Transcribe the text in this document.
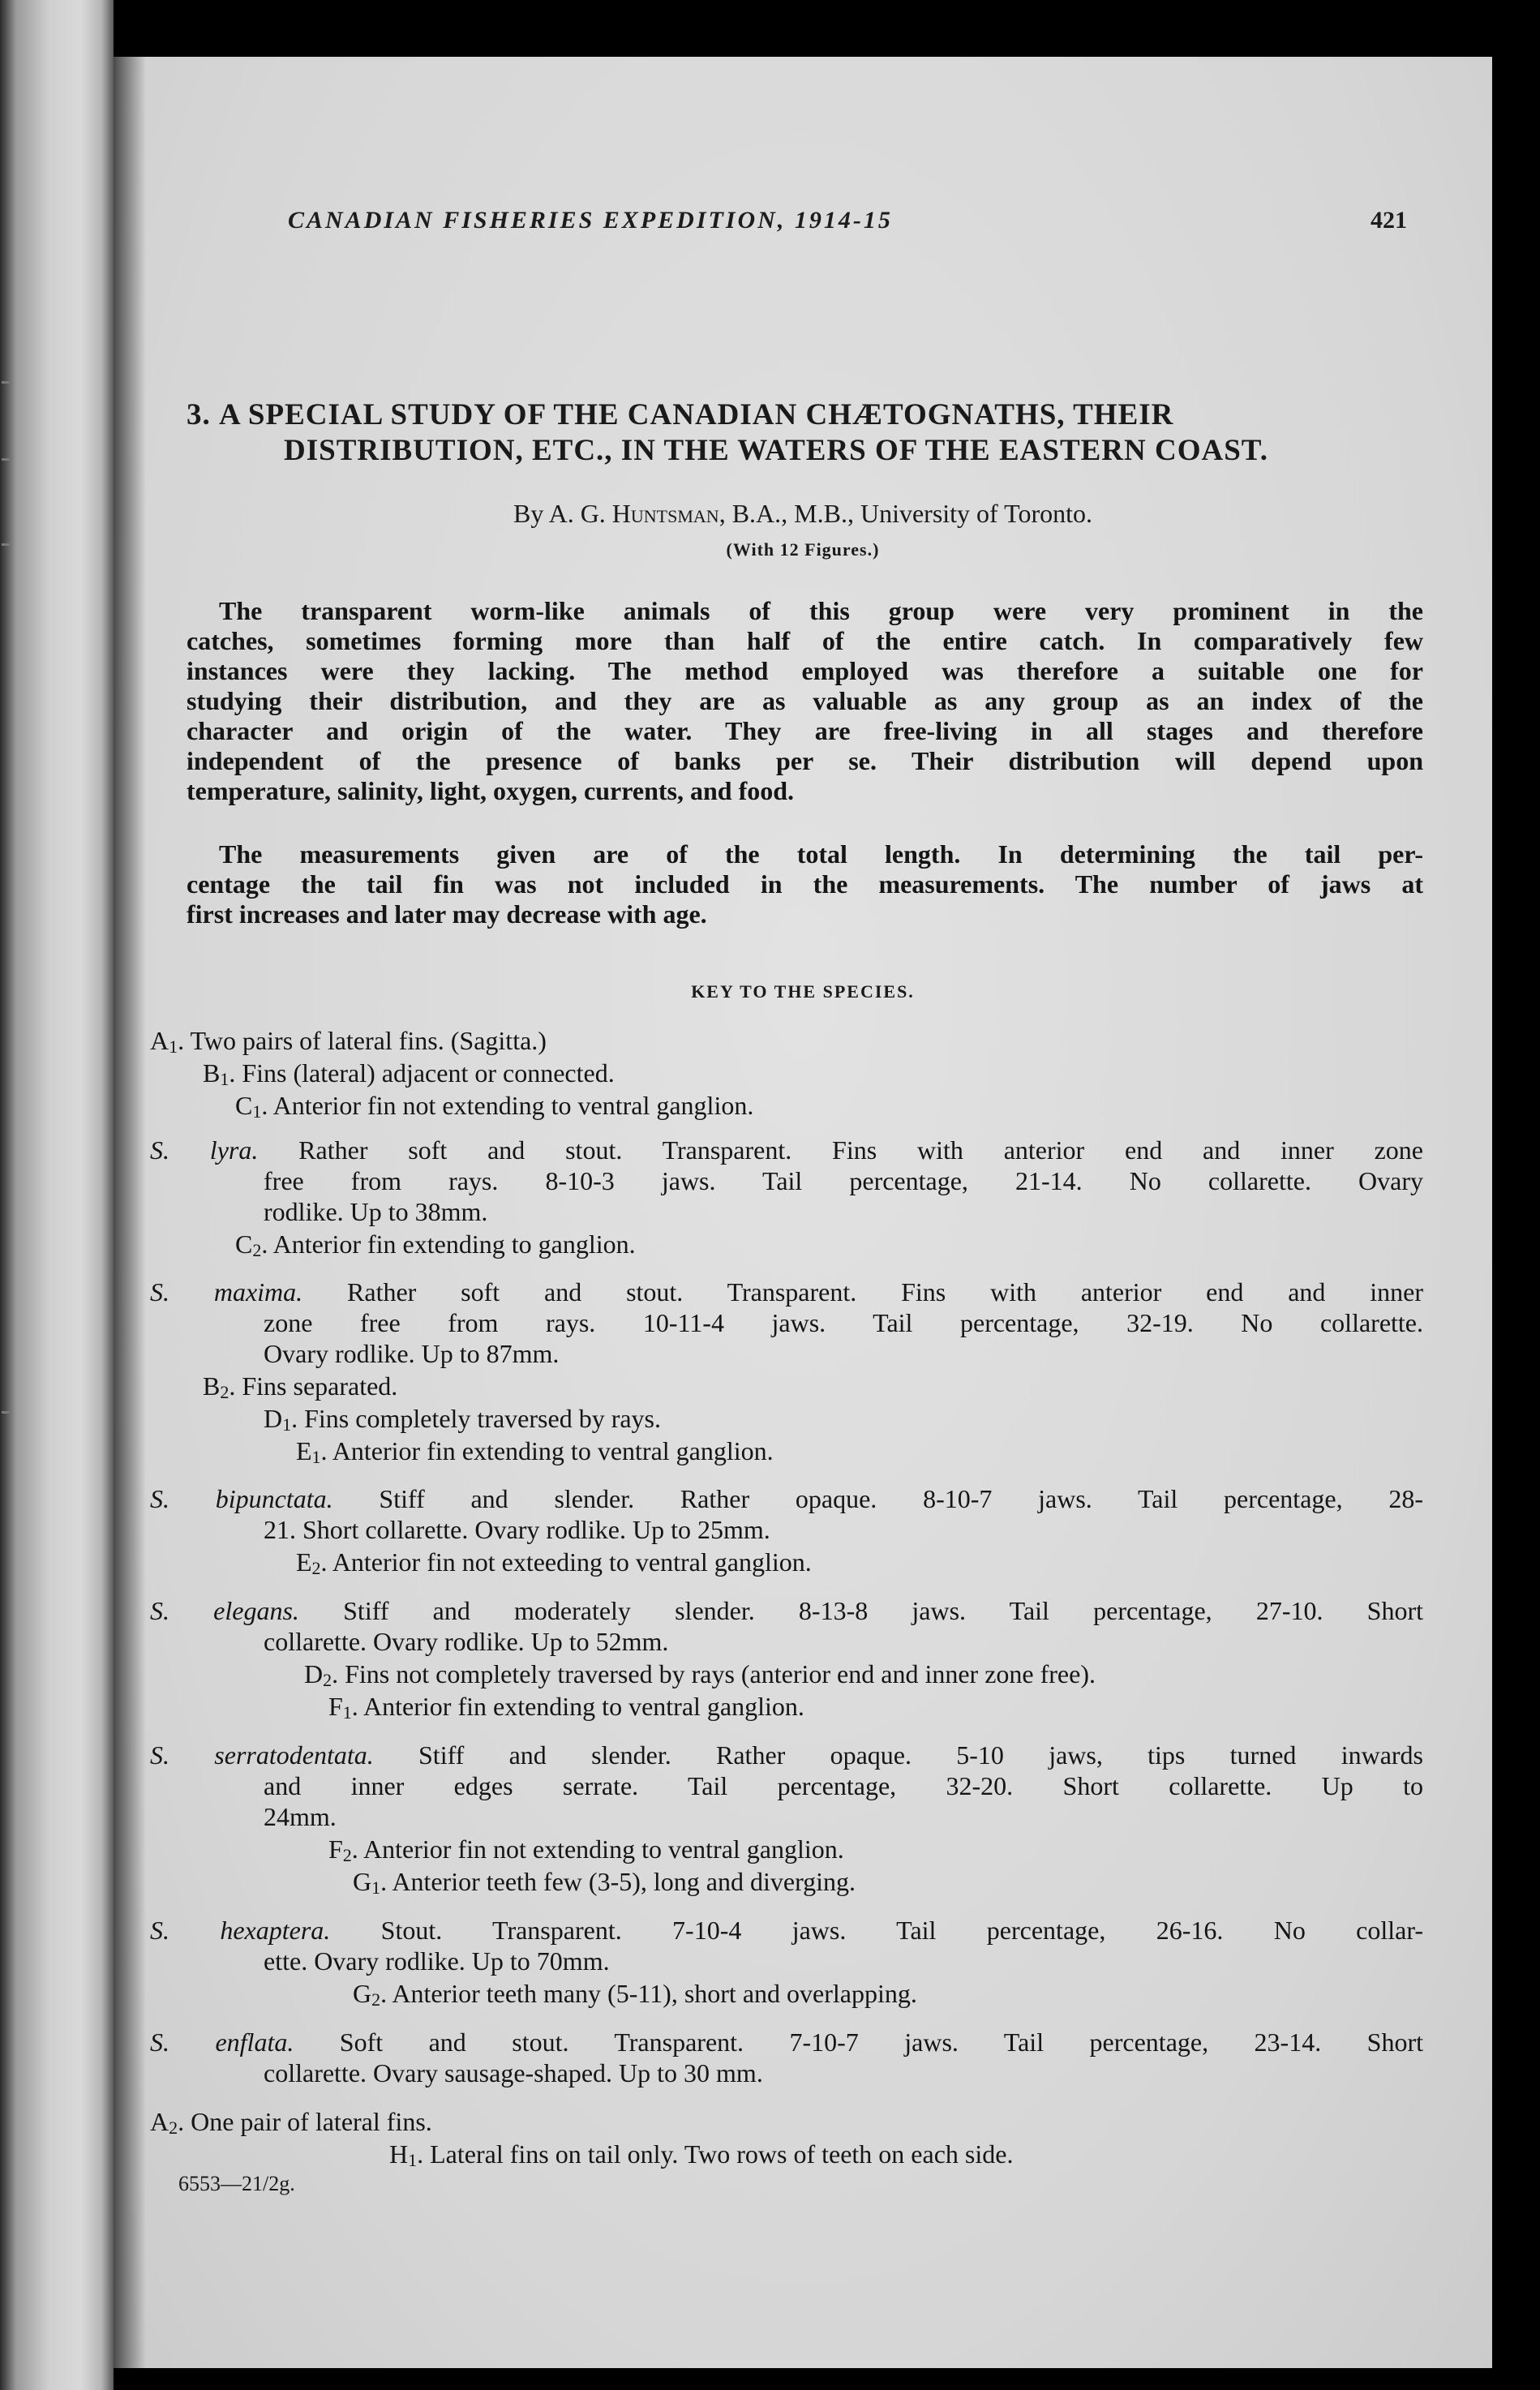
CANADIAN FISHERIES EXPEDITION, 1914-15	421
3. A SPECIAL STUDY OF THE CANADIAN CHÆTOGNATHS, THEIR
DISTRIBUTION, ETC., IN THE WATERS OF THE EASTERN COAST.
By A. G. Huntsman, B.A., M.B., University of Toronto.
(With 12 Figures.)
The transparent worm-like animals of this group were very prominent in the
catches, sometimes forming more than half of the entire catch. In comparatively few
instances were they lacking. The method employed was therefore a suitable one for
studying their distribution, and they are as valuable as any group as an index of the
character and origin of the water. They are free-living in all stages and therefore
independent of the presence of banks per se. Their distribution will depend upon
temperature, salinity, light, oxygen, currents, and food.
The measurements given are of the total length. In determining the tail per-
centage the tail fin was not included in the measurements. The number of jaws at
first increases and later may decrease with age.
KEY TO THE SPECIES.
A1. Two pairs of lateral fins. (Sagitta.)
B1. Fins (lateral) adjacent or connected.
C1. Anterior fin not extending to ventral ganglion.
S. lyra. Rather soft and stout. Transparent. Fins with anterior end and inner zone
free from rays. 8-10-3 jaws. Tail percentage, 21-14. No collarette. Ovary
rodlike. Up to 38mm.
C2. Anterior fin extending to ganglion.
S. maxima. Rather soft and stout. Transparent. Fins with anterior end and inner
zone free from rays. 10-11-4 jaws. Tail percentage, 32-19. No collarette.
Ovary rodlike. Up to 87mm.
B2. Fins separated.
D1. Fins completely traversed by rays.
E1. Anterior fin extending to ventral ganglion.
S. bipunctata. Stiff and slender. Rather opaque. 8-10-7 jaws. Tail percentage, 28-
21. Short collarette. Ovary rodlike. Up to 25mm.
E2. Anterior fin not exteeding to ventral ganglion.
S. elegans. Stiff and moderately slender. 8-13-8 jaws. Tail percentage, 27-10. Short
collarette. Ovary rodlike. Up to 52mm.
D2. Fins not completely traversed by rays (anterior end and inner zone free).
F1. Anterior fin extending to ventral ganglion.
S. serratodentata. Stiff and slender. Rather opaque. 5-10 jaws, tips turned inwards
and inner edges serrate. Tail percentage, 32-20. Short collarette. Up to
24mm.
F2. Anterior fin not extending to ventral ganglion.
G1. Anterior teeth few (3-5), long and diverging.
S. hexaptera. Stout. Transparent. 7-10-4 jaws. Tail percentage, 26-16. No collar-
ette. Ovary rodlike. Up to 70mm.
G2. Anterior teeth many (5-11), short and overlapping.
S. enflata. Soft and stout. Transparent. 7-10-7 jaws. Tail percentage, 23-14. Short
collarette. Ovary sausage-shaped. Up to 30 mm.
A2. One pair of lateral fins.
H1. Lateral fins on tail only. Two rows of teeth on each side.
6553—21/2g.
